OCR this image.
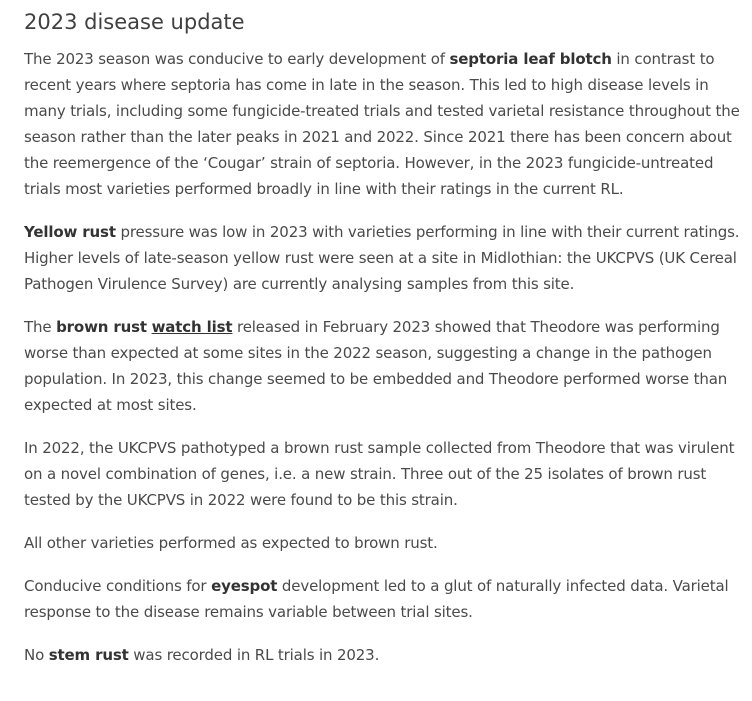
2023 disease update

The 2023 season was conducive to early development of septoria leaf blotch in contrast to recent years where septoria has come in late in the season. This led to high disease levels in many trials, including some fungicide-treated trials and tested varietal resistance throughout the season rather than the later peaks in 2021 and 2022. Since 2021 there has been concern about the reemergence of the ‘Cougar’ strain of septoria. However, in the 2023 fungicide-untreated trials most varieties performed broadly in line with their ratings in the current RL.

Yellow rust pressure was low in 2023 with varieties performing in line with their current ratings. Higher levels of late-season yellow rust were seen at a site in Midlothian: the UKCPVS (UK Cereal Pathogen Virulence Survey) are currently analysing samples from this site.

The brown rust watch list released in February 2023 showed that Theodore was performing worse than expected at some sites in the 2022 season, suggesting a change in the pathogen population. In 2023, this change seemed to be embedded and Theodore performed worse than expected at most sites.

In 2022, the UKCPVS pathotyped a brown rust sample collected from Theodore that was virulent on a novel combination of genes, i.e. a new strain. Three out of the 25 isolates of brown rust tested by the UKCPVS in 2022 were found to be this strain.

All other varieties performed as expected to brown rust.

Conducive conditions for eyespot development led to a glut of naturally infected data. Varietal response to the disease remains variable between trial sites.

No stem rust was recorded in RL trials in 2023.
